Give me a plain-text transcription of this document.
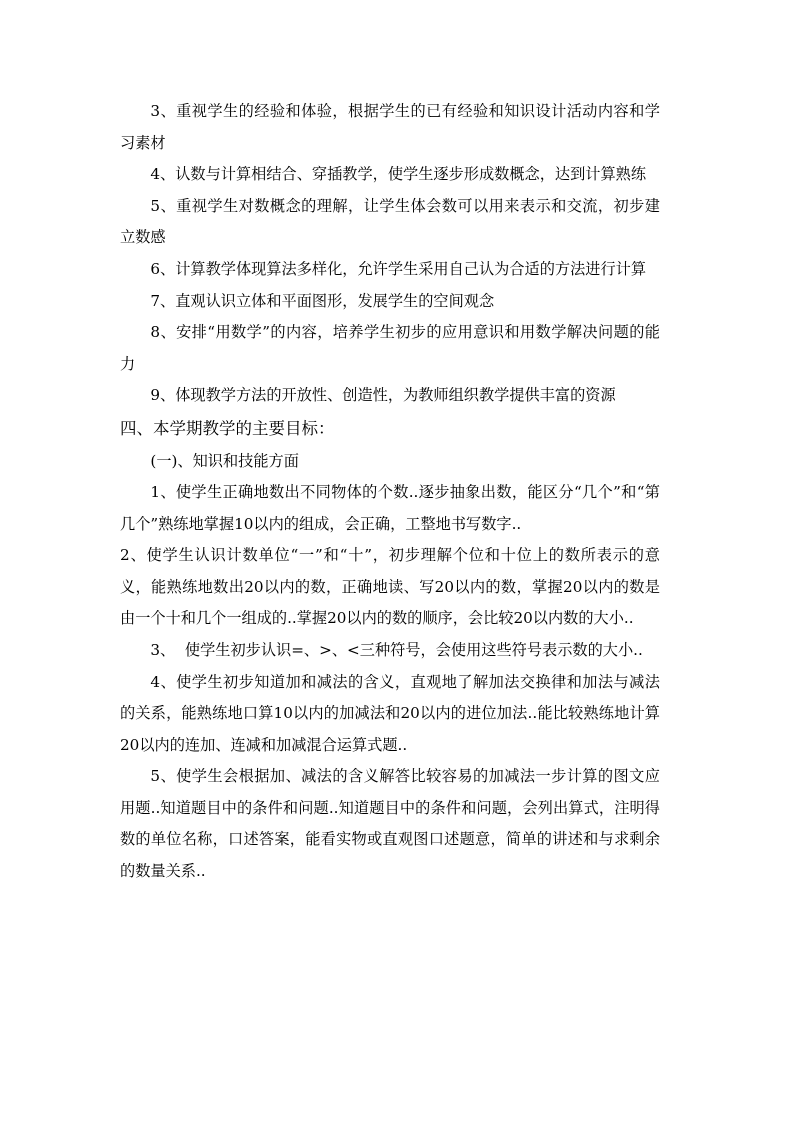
3、重视学生的经验和体验，根据学生的已有经验和知识设计活动内容和学习素材

4、认数与计算相结合、穿插教学，使学生逐步形成数概念，达到计算熟练

5、重视学生对数概念的理解，让学生体会数可以用来表示和交流，初步建立数感

6、计算教学体现算法多样化，允许学生采用自己认为合适的方法进行计算

7、直观认识立体和平面图形，发展学生的空间观念

8、安排“用数学”的内容，培养学生初步的应用意识和用数学解决问题的能力

9、体现教学方法的开放性、创造性，为教师组织教学提供丰富的资源

四、本学期教学的主要目标：

(一)、知识和技能方面

1、使学生正确地数出不同物体的个数..逐步抽象出数，能区分“几个”和“第几个”熟练地掌握10以内的组成，会正确，工整地书写数字..

2、使学生认识计数单位“一”和“十”，初步理解个位和十位上的数所表示的意义，能熟练地数出20以内的数，正确地读、写20以内的数，掌握20以内的数是由一个十和几个一组成的..掌握20以内的数的顺序，会比较20以内数的大小..

3、  使学生初步认识=、>、<三种符号，会使用这些符号表示数的大小..

4、使学生初步知道加和减法的含义，直观地了解加法交换律和加法与减法的关系，能熟练地口算10以内的加减法和20以内的进位加法..能比较熟练地计算20以内的连加、连减和加减混合运算式题..

5、使学生会根据加、减法的含义解答比较容易的加减法一步计算的图文应用题..知道题目中的条件和问题..知道题目中的条件和问题，会列出算式，注明得数的单位名称，口述答案，能看实物或直观图口述题意，简单的讲述和与求剩余的数量关系..
